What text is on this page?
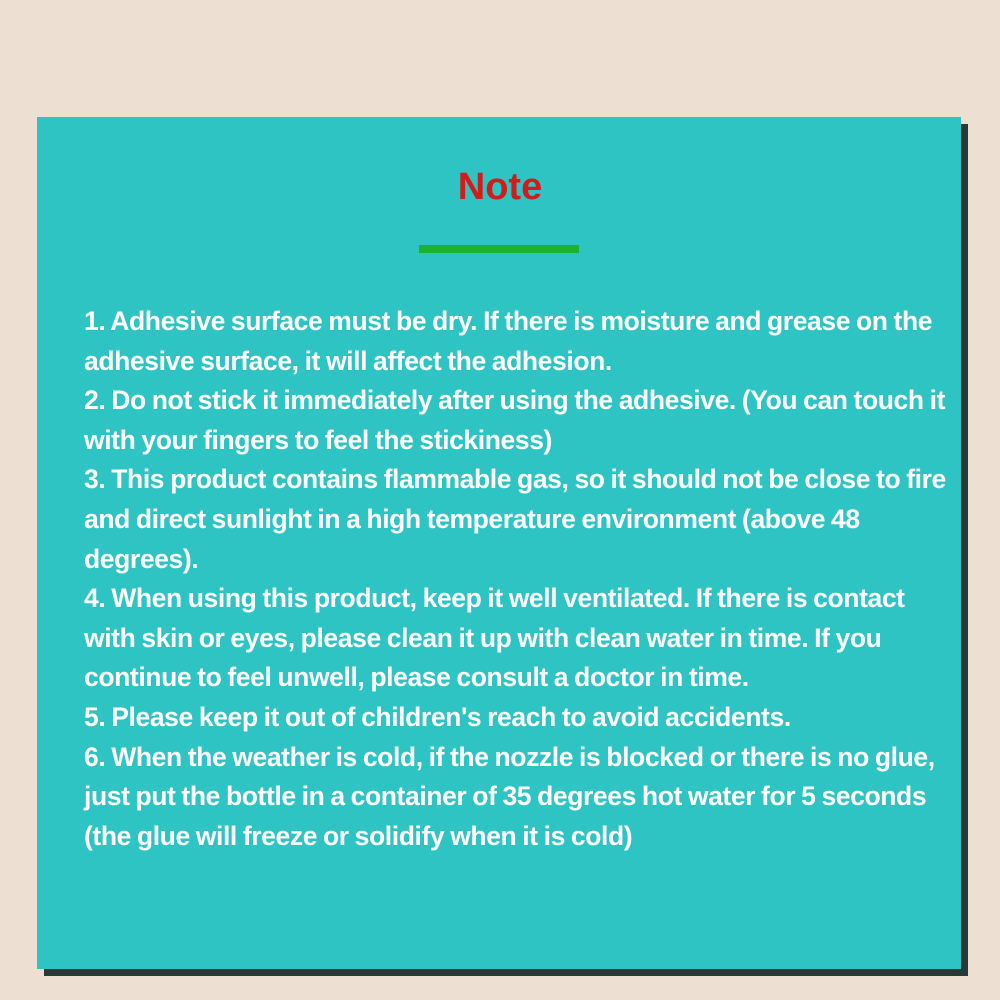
Note
1. Adhesive surface must be dry. If there is moisture and grease on the adhesive surface, it will affect the adhesion.
2. Do not stick it immediately after using the adhesive. (You can touch it with your fingers to feel the stickiness)
3. This product contains flammable gas, so it should not be close to fire and direct sunlight in a high temperature environment (above 48 degrees).
4. When using this product, keep it well ventilated. If there is contact with skin or eyes, please clean it up with clean water in time. If you continue to feel unwell, please consult a doctor in time.
5. Please keep it out of children's reach to avoid accidents.
6. When the weather is cold, if the nozzle is blocked or there is no glue, just put the bottle in a container of 35 degrees hot water for 5 seconds (the glue will freeze or solidify when it is cold)
